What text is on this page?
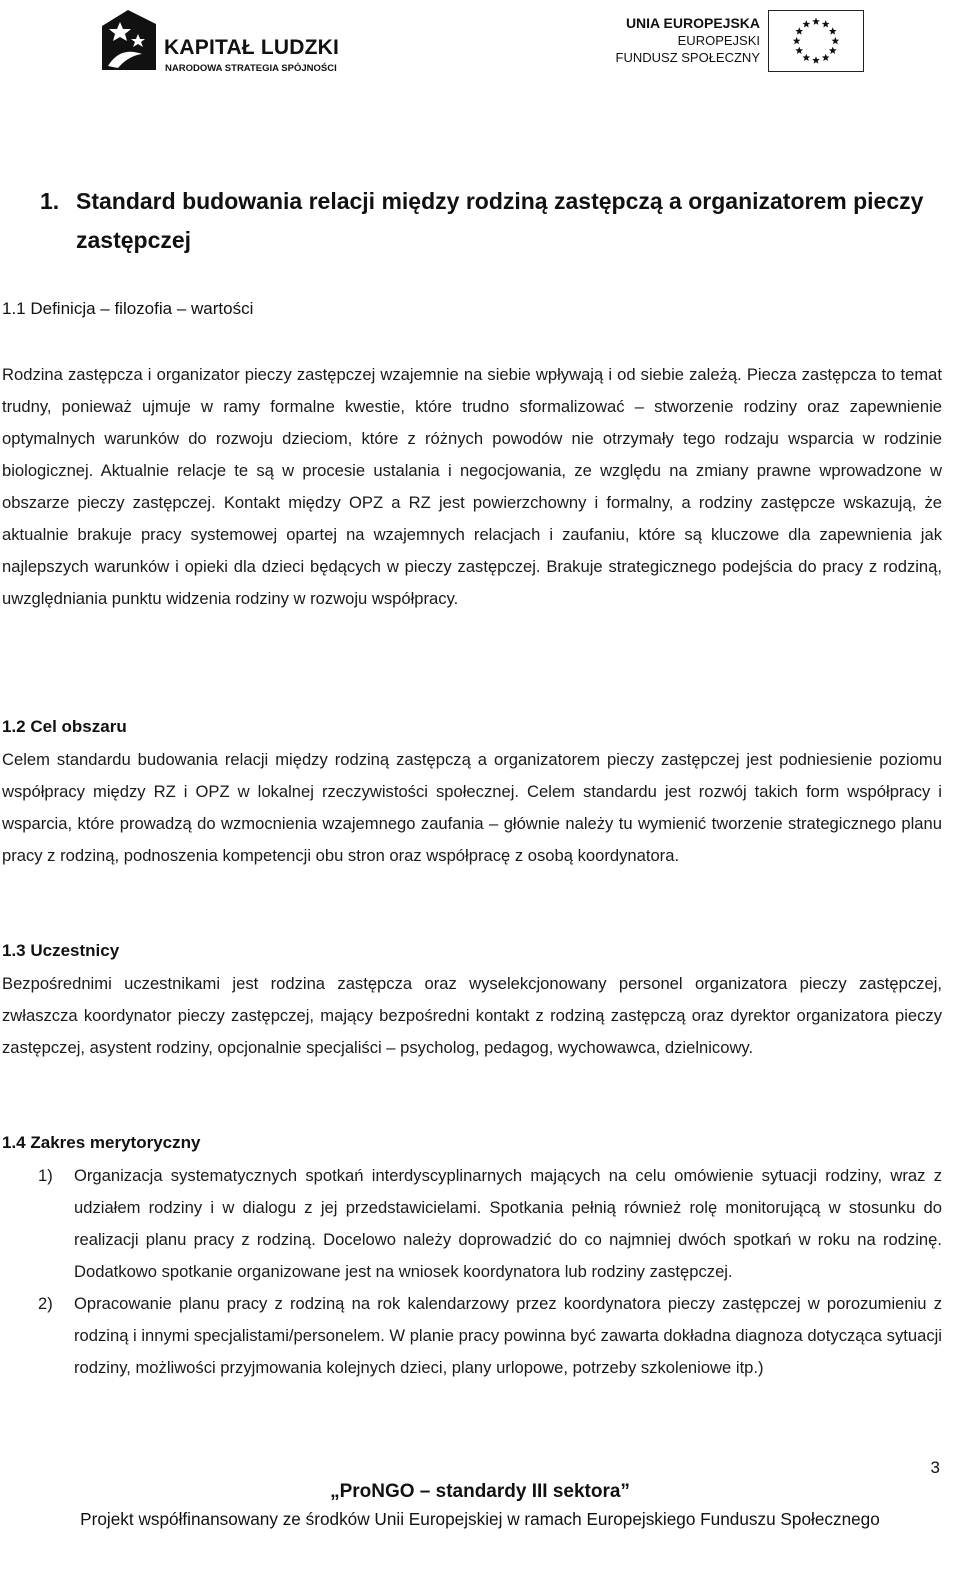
KAPITAŁ LUDZKI
NARODOWA STRATEGIA SPÓJNOŚCI
UNIA EUROPEJSKA
EUROPEJSKI
FUNDUSZ SPOŁECZNY
1. Standard budowania relacji między rodziną zastępczą a organizatorem pieczy zastępczej
1.1 Definicja – filozofia – wartości
Rodzina zastępcza i organizator pieczy zastępczej wzajemnie na siebie wpływają i od siebie zależą. Piecza zastępcza to temat trudny, ponieważ ujmuje w ramy formalne kwestie, które trudno sformalizować – stworzenie rodziny oraz zapewnienie optymalnych warunków do rozwoju dzieciom, które z różnych powodów nie otrzymały tego rodzaju wsparcia w rodzinie biologicznej. Aktualnie relacje te są w procesie ustalania i negocjowania, ze względu na zmiany prawne wprowadzone w obszarze pieczy zastępczej. Kontakt między OPZ a RZ jest powierzchowny i formalny, a rodziny zastępcze wskazują, że aktualnie brakuje pracy systemowej opartej na wzajemnych relacjach i zaufaniu, które są kluczowe dla zapewnienia jak najlepszych warunków i opieki dla dzieci będących w pieczy zastępczej. Brakuje strategicznego podejścia do pracy z rodziną, uwzględniania punktu widzenia rodziny w rozwoju współpracy.
1.2 Cel obszaru
Celem standardu budowania relacji między rodziną zastępczą a organizatorem pieczy zastępczej jest podniesienie poziomu współpracy między RZ i OPZ w lokalnej rzeczywistości społecznej. Celem standardu jest rozwój takich form współpracy i wsparcia, które prowadzą do wzmocnienia wzajemnego zaufania – głównie należy tu wymienić tworzenie strategicznego planu pracy z rodziną, podnoszenia kompetencji obu stron oraz współpracę z osobą koordynatora.
1.3 Uczestnicy
Bezpośrednimi uczestnikami jest rodzina zastępcza oraz wyselekcjonowany personel organizatora pieczy zastępczej, zwłaszcza koordynator pieczy zastępczej, mający bezpośredni kontakt z rodziną zastępczą oraz dyrektor organizatora pieczy zastępczej, asystent rodziny, opcjonalnie specjaliści – psycholog, pedagog, wychowawca, dzielnicowy.
1.4 Zakres merytoryczny
1) Organizacja systematycznych spotkań interdyscyplinarnych mających na celu omówienie sytuacji rodziny, wraz z udziałem rodziny i w dialogu z jej przedstawicielami. Spotkania pełnią również rolę monitorującą w stosunku do realizacji planu pracy z rodziną. Docelowo należy doprowadzić do co najmniej dwóch spotkań w roku na rodzinę. Dodatkowo spotkanie organizowane jest na wniosek koordynatora lub rodziny zastępczej.
2) Opracowanie planu pracy z rodziną na rok kalendarzowy przez koordynatora pieczy zastępczej w porozumieniu z rodziną i innymi specjalistami/personelem. W planie pracy powinna być zawarta dokładna diagnoza dotycząca sytuacji rodziny, możliwości przyjmowania kolejnych dzieci, plany urlopowe, potrzeby szkoleniowe itp.)
3
„ProNGO – standardy III sektora”
Projekt współfinansowany ze środków Unii Europejskiej w ramach Europejskiego Funduszu Społecznego
